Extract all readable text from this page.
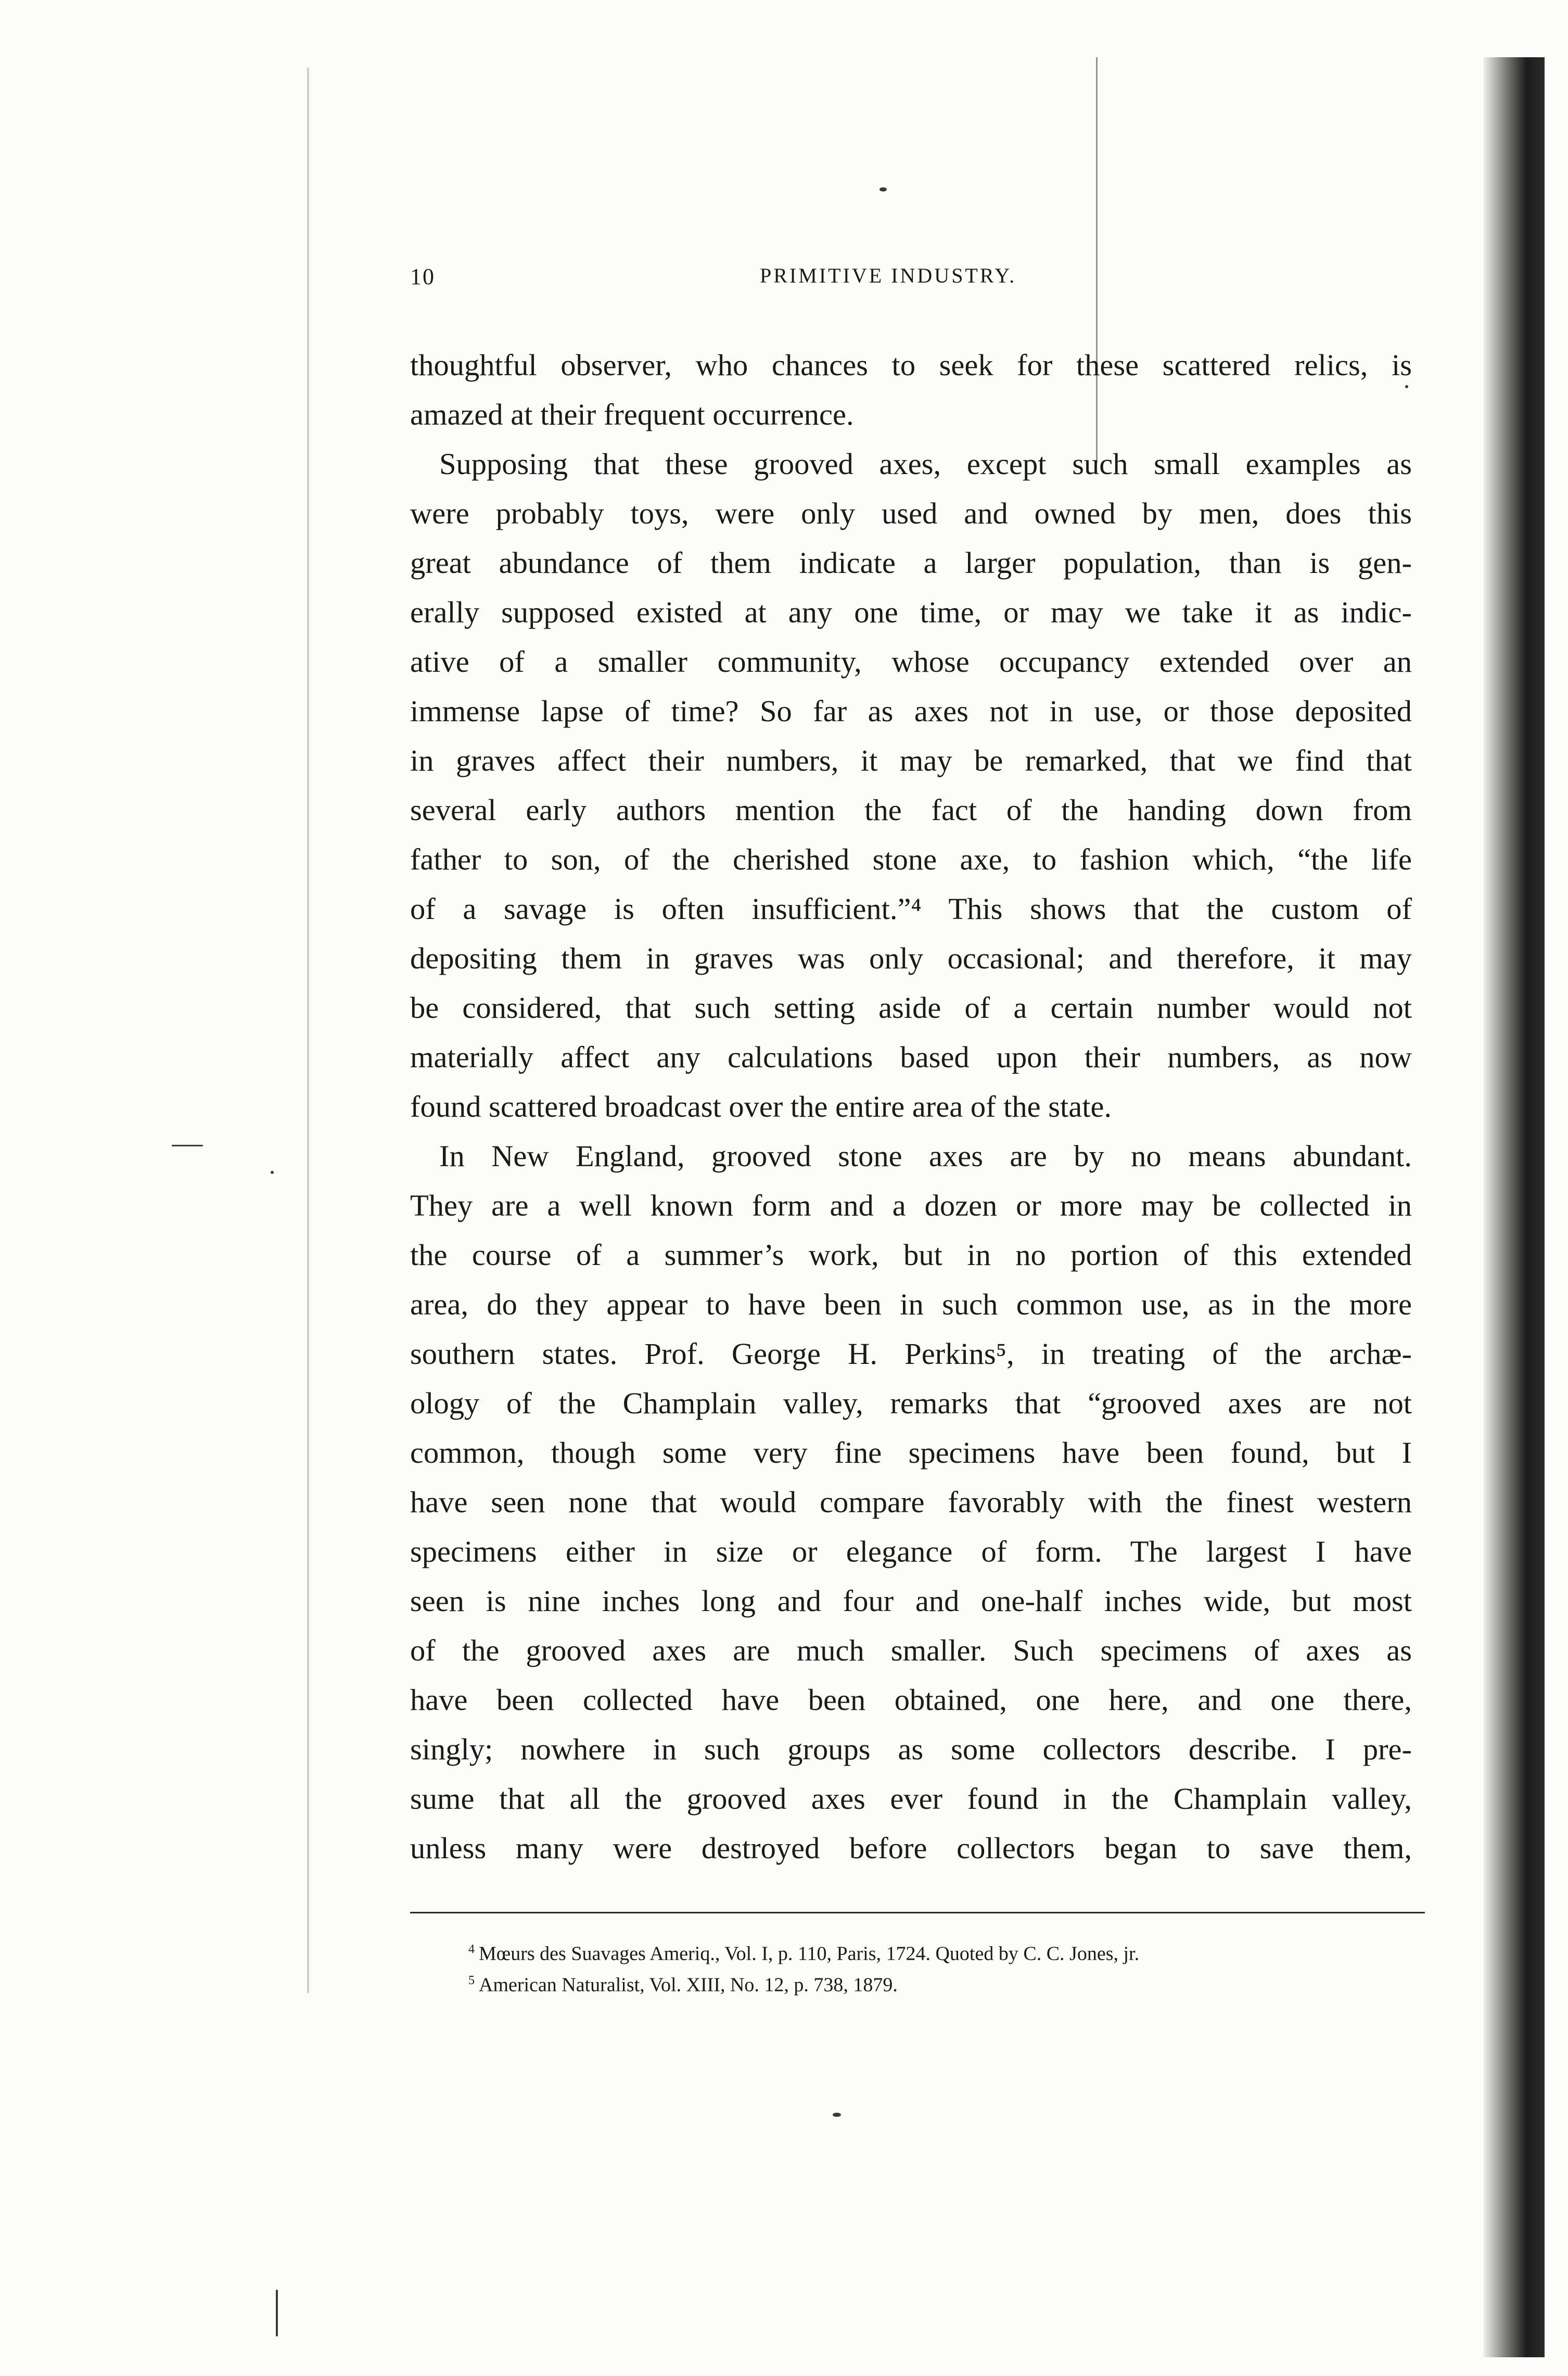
10	PRIMITIVE INDUSTRY.
thoughtful observer, who chances to seek for these scattered relics, is
amazed at their frequent occurrence.
Supposing that these grooved axes, except such small examples as
were probably toys, were only used and owned by men, does this
great abundance of them indicate a larger population, than is gen-
erally supposed existed at any one time, or may we take it as indic-
ative of a smaller community, whose occupancy extended over an
immense lapse of time? So far as axes not in use, or those deposited
in graves affect their numbers, it may be remarked, that we find that
several early authors mention the fact of the handing down from
father to son, of the cherished stone axe, to fashion which, “the life
of a savage is often insufficient.”⁴ This shows that the custom of
depositing them in graves was only occasional; and therefore, it may
be considered, that such setting aside of a certain number would not
materially affect any calculations based upon their numbers, as now
found scattered broadcast over the entire area of the state.
In New England, grooved stone axes are by no means abundant.
They are a well known form and a dozen or more may be collected in
the course of a summer’s work, but in no portion of this extended
area, do they appear to have been in such common use, as in the more
southern states. Prof. George H. Perkins⁵, in treating of the archæ-
ology of the Champlain valley, remarks that “grooved axes are not
common, though some very fine specimens have been found, but I
have seen none that would compare favorably with the finest western
specimens either in size or elegance of form. The largest I have
seen is nine inches long and four and one-half inches wide, but most
of the grooved axes are much smaller. Such specimens of axes as
have been collected have been obtained, one here, and one there,
singly; nowhere in such groups as some collectors describe. I pre-
sume that all the grooved axes ever found in the Champlain valley,
unless many were destroyed before collectors began to save them,
$^4$ Mœurs des Suavages Ameriq., Vol. I, p. 110, Paris, 1724. Quoted by C. C. Jones, jr.
$^5$ American Naturalist, Vol. XIII, No. 12, p. 738, 1879.
